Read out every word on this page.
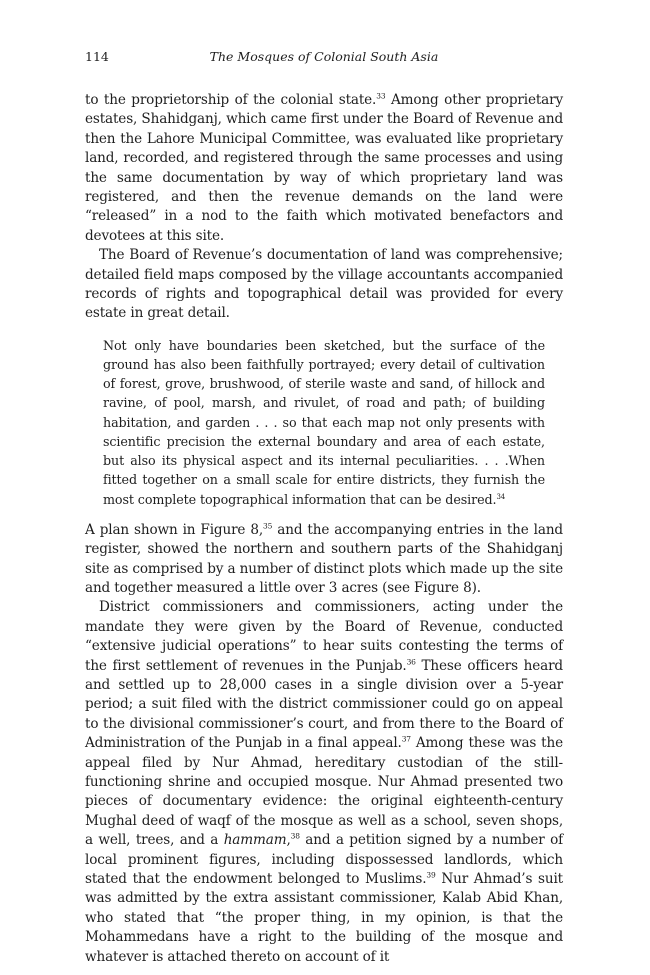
114	The Mosques of Colonial South Asia

to the proprietorship of the colonial state.$^{33}$ Among other proprietary estates, Shahidganj, which came first under the Board of Revenue and then the Lahore Municipal Committee, was evaluated like proprietary land, recorded, and registered through the same processes and using the same documentation by way of which proprietary land was registered, and then the revenue demands on the land were “released” in a nod to the faith which motivated benefactors and devotees at this site.

The Board of Revenue’s documentation of land was comprehensive; detailed field maps composed by the village accountants accompanied records of rights and topographical detail was provided for every estate in great detail.

Not only have boundaries been sketched, but the surface of the ground has also been faithfully portrayed; every detail of cultivation of forest, grove, brushwood, of sterile waste and sand, of hillock and ravine, of pool, marsh, and rivulet, of road and path; of building habitation, and garden . . . so that each map not only presents with scientific precision the external boundary and area of each estate, but also its physical aspect and its internal peculiarities. . . .When fitted together on a small scale for entire districts, they furnish the most complete topographical information that can be desired.$^{34}$

A plan shown in Figure 8,35 and the accompanying entries in the land register, showed the northern and southern parts of the Shahidganj site as comprised by a number of distinct plots which made up the site and together measured a little over 3 acres (see Figure 8).

District commissioners and commissioners, acting under the mandate they were given by the Board of Revenue, conducted “extensive judicial operations” to hear suits contesting the terms of the first settlement of revenues in the Punjab.$^{36}$ These officers heard and settled up to 28,000 cases in a single division over a 5-year period; a suit filed with the district commissioner could go on appeal to the divisional commissioner’s court, and from there to the Board of Administration of the Punjab in a final appeal.$^{37}$ Among these was the appeal filed by Nur Ahmad, hereditary custodian of the still-functioning shrine and occupied mosque. Nur Ahmad presented two pieces of documentary evidence: the original eighteenth-century Mughal deed of waqf of the mosque as well as a school, seven shops, a well, trees, and a hammam,$^{38}$ and a petition signed by a number of local prominent figures, including dispossessed landlords, which stated that the endowment belonged to Muslims.$^{39}$ Nur Ahmad’s suit was admitted by the extra assistant commissioner, Kalab Abid Khan, who stated that “the proper thing, in my opinion, is that the Mohammedans have a right to the building of the mosque and whatever is attached thereto on account of it
